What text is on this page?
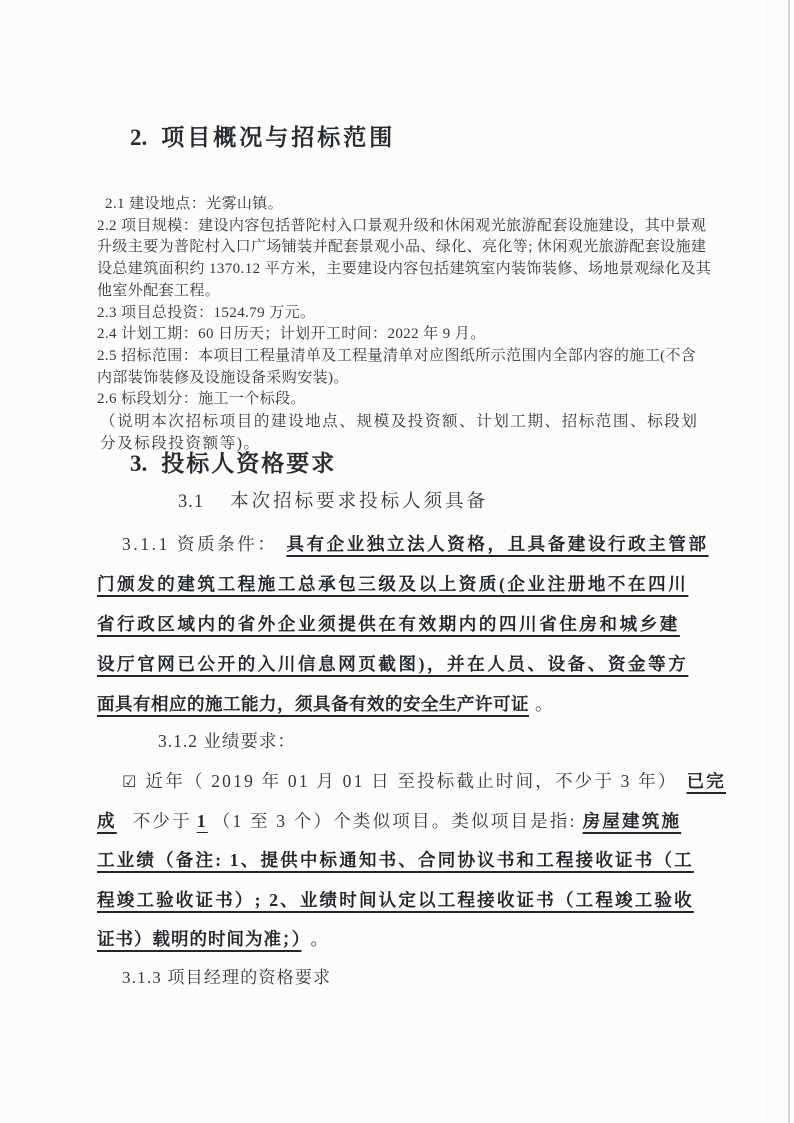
2. 项目概况与招标范围
2.1 建设地点：光雾山镇。
2.2 项目规模：建设内容包括普陀村入口景观升级和休闲观光旅游配套设施建设，其中景观
升级主要为普陀村入口广场铺装并配套景观小品、绿化、亮化等; 休闲观光旅游配套设施建
设总建筑面积约 1370.12 平方米，主要建设内容包括建筑室内装饰装修、场地景观绿化及其
他室外配套工程。
2.3 项目总投资：1524.79 万元。
2.4 计划工期：60 日历天；计划开工时间：2022 年 9 月。
2.5 招标范围：本项目工程量清单及工程量清单对应图纸所示范围内全部内容的施工(不含
内部装饰装修及设施设备采购安装)。
2.6 标段划分：施工一个标段。
（说明本次招标项目的建设地点、规模及投资额、计划工期、招标范围、标段划
分及标段投资额等)。
3. 投标人资格要求
3.1 本次招标要求投标人须具备
3.1.1 资质条件： 具有企业独立法人资格，且具备建设行政主管部
门颁发的建筑工程施工总承包三级及以上资质(企业注册地不在四川
省行政区域内的省外企业须提供在有效期内的四川省住房和城乡建
设厅官网已公开的入川信息网页截图)，并在人员、设备、资金等方
面具有相应的施工能力，须具备有效的安全生产许可证 。
3.1.2 业绩要求：
☑ 近年（ 2019 年 01 月 01 日 至投标截止时间，不少于 3 年） 已完
成 不少于 1 （1 至 3 个）个类似项目。类似项目是指: 房屋建筑施
工业绩（备注: 1、提供中标通知书、合同协议书和工程接收证书（工
程竣工验收证书）; 2、业绩时间认定以工程接收证书（工程竣工验收
证书）载明的时间为准；） 。
3.1.3 项目经理的资格要求
